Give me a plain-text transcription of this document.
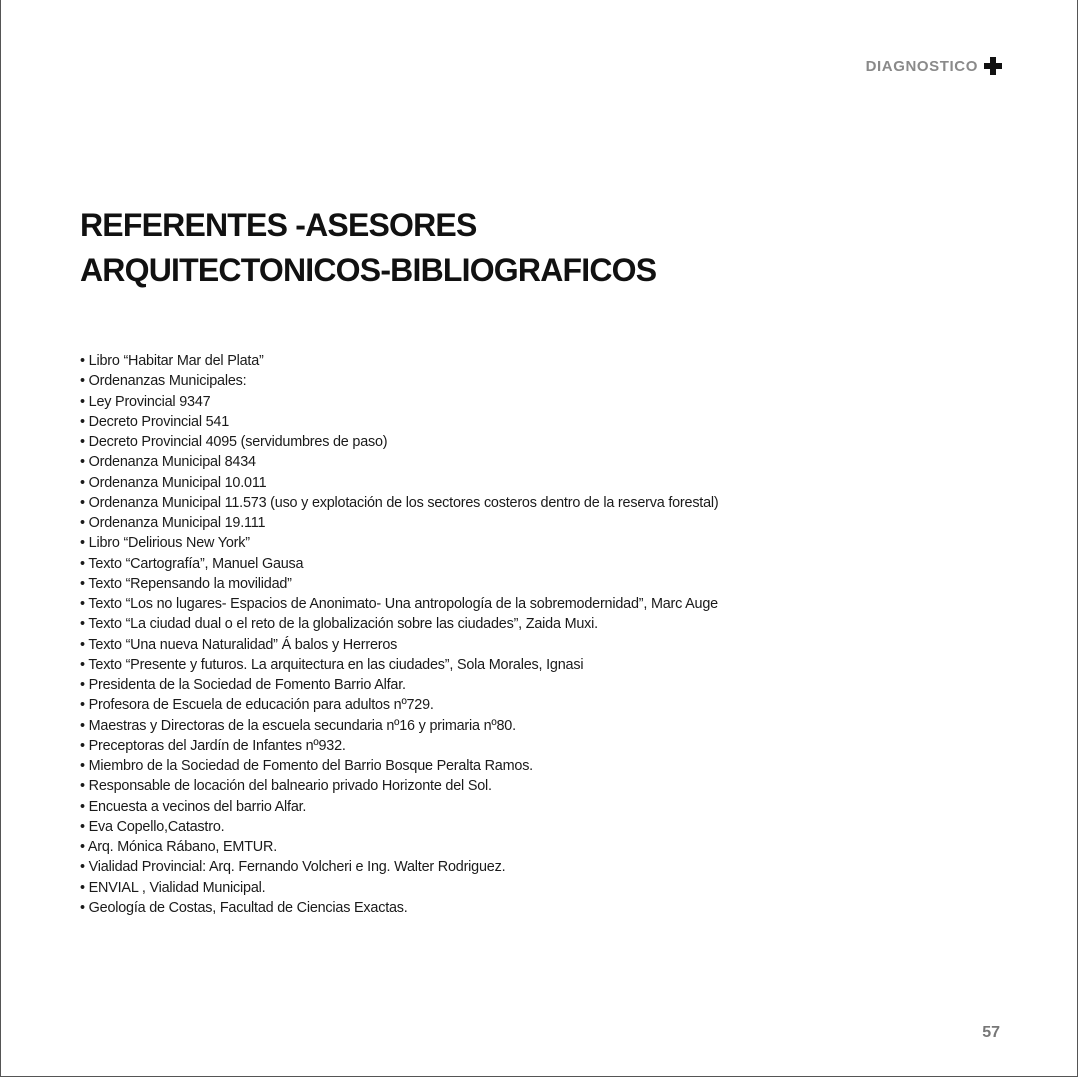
DIAGNOSTICO
REFERENTES -ASESORES
ARQUITECTONICOS-BIBLIOGRAFICOS
• Libro “Habitar Mar del Plata”
• Ordenanzas Municipales:
• Ley Provincial 9347
• Decreto Provincial 541
• Decreto Provincial 4095 (servidumbres de paso)
• Ordenanza Municipal 8434
• Ordenanza Municipal 10.011
• Ordenanza Municipal 11.573 (uso y explotación de los sectores costeros dentro de la reserva forestal)
• Ordenanza Municipal 19.111
• Libro “Delirious New York”
• Texto “Cartografía”, Manuel Gausa
• Texto “Repensando la movilidad”
• Texto “Los no lugares- Espacios de Anonimato- Una antropología de la sobremodernidad”, Marc Auge
• Texto “La ciudad dual o el reto de la globalización sobre las ciudades”, Zaida Muxi.
• Texto “Una nueva Naturalidad” Á balos y Herreros
• Texto “Presente y futuros. La arquitectura en las ciudades”, Sola Morales, Ignasi
• Presidenta de la Sociedad de Fomento Barrio Alfar.
• Profesora de Escuela de educación para adultos nº729.
• Maestras y Directoras de la escuela secundaria nº16 y primaria nº80.
• Preceptoras del Jardín de Infantes nº932.
• Miembro de la Sociedad de Fomento del Barrio Bosque Peralta Ramos.
• Responsable de locación del balneario privado Horizonte del Sol.
• Encuesta a vecinos del barrio Alfar.
• Eva Copello,Catastro.
• Arq. Mónica Rábano, EMTUR.
• Vialidad Provincial: Arq. Fernando Volcheri e Ing. Walter Rodriguez.
• ENVIAL , Vialidad Municipal.
• Geología de Costas, Facultad de Ciencias Exactas.
57
